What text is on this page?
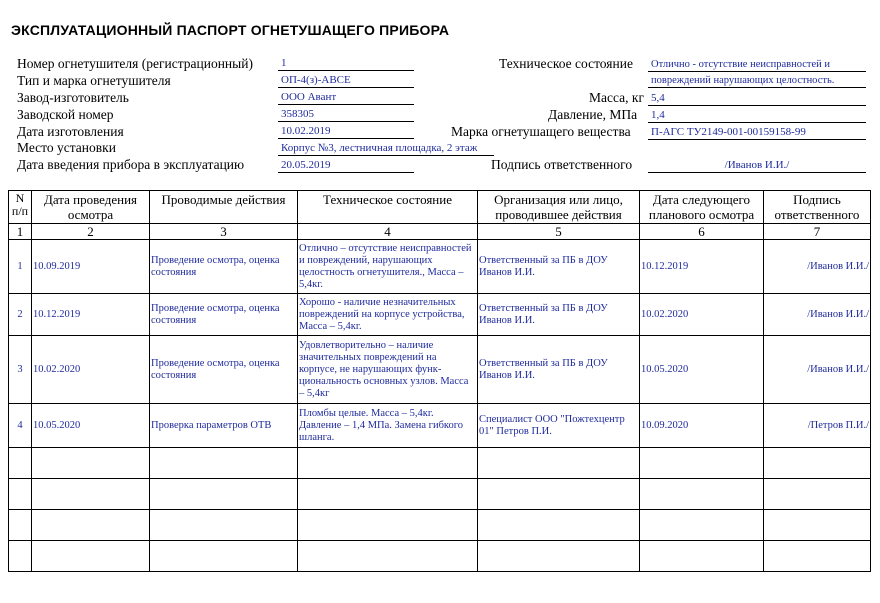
ЭКСПЛУАТАЦИОННЫЙ ПАСПОРТ ОГНЕТУШАЩЕГО ПРИБОРА
Номер огнетушителя (регистрационный)	1
Тип и марка огнетушителя	ОП-4(з)-АВСЕ
Завод-изготовитель	ООО Авант
Заводской номер	358305
Дата изготовления	10.02.2019
Место установки	Корпус №3, лестничная площадка, 2 этаж
Дата введения прибора в эксплуатацию	20.05.2019
Техническое состояние Отлично - отсутствие неисправностей и
повреждений нарушающих целостность.
Масса, кг 5,4
Давление, МПа 1,4
Марка огнетушащего вещества П-АГС ТУ2149-001-00159158-99
Подпись ответственного	/Иванов И.И./
N п/п	Дата проведения осмотра	Проводимые действия	Техническое состояние	Организация или лицо, проводившее действия	Дата следующего планового осмотра	Подпись ответственного
1	2	3	4	5	6	7
1	10.09.2019	Проведение осмотра, оценка состояния	Отлично – отсутствие неисправностей и повреждений, нарушающих целостность огнетушителя., Масса – 5,4кг.	Ответственный за ПБ в ДОУ Иванов И.И.	10.12.2019	/Иванов И.И./
2	10.12.2019	Проведение осмотра, оценка состояния	Хорошо - наличие незначительных повреждений на корпусе устройства, Масса – 5,4кг.	Ответственный за ПБ в ДОУ Иванов И.И.	10.02.2020	/Иванов И.И./
3	10.02.2020	Проведение осмотра, оценка состояния	Удовлетворительно – наличие значительных повреждений на корпусе, не нарушающих функ-циональность основных узлов. Масса – 5,4кг	Ответственный за ПБ в ДОУ Иванов И.И.	10.05.2020	/Иванов И.И./
4	10.05.2020	Проверка параметров ОТВ	Пломбы целые. Масса – 5,4кг. Давление – 1,4 МПа. Замена гибкого шланга.	Специалист ООО "Пожтехцентр 01" Петров П.И.	10.09.2020	/Петров П.И./
